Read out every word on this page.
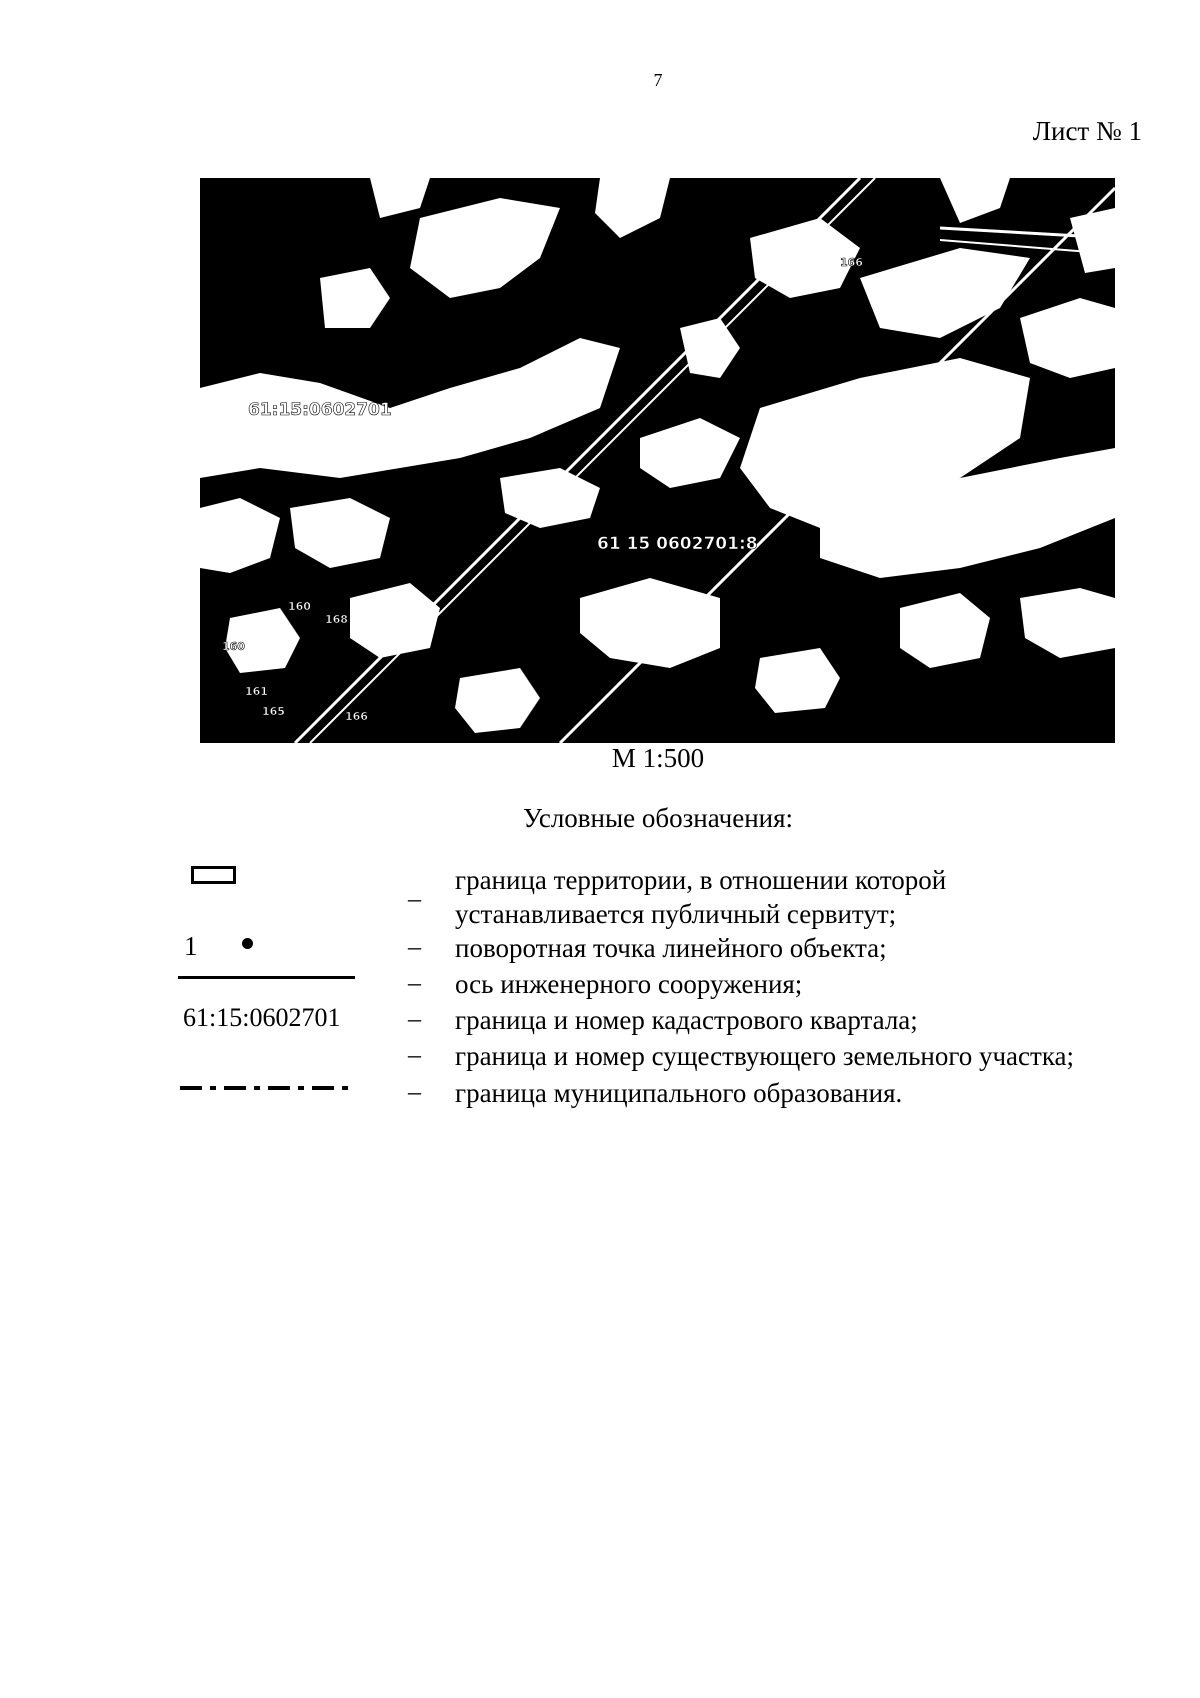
7
Лист № 1
61:15:0602701
61 15 0602701:8
166
160
168
160
161
165	166
М 1:500
Условные обозначения:
–
граница территории, в отношении которой
устанавливается публичный сервитут;
1	– поворотная точка линейного объекта;
– ось инженерного сооружения;
61:15:0602701	– граница и номер кадастрового квартала;
– граница и номер существующего земельного участка;
– граница муниципального образования.
